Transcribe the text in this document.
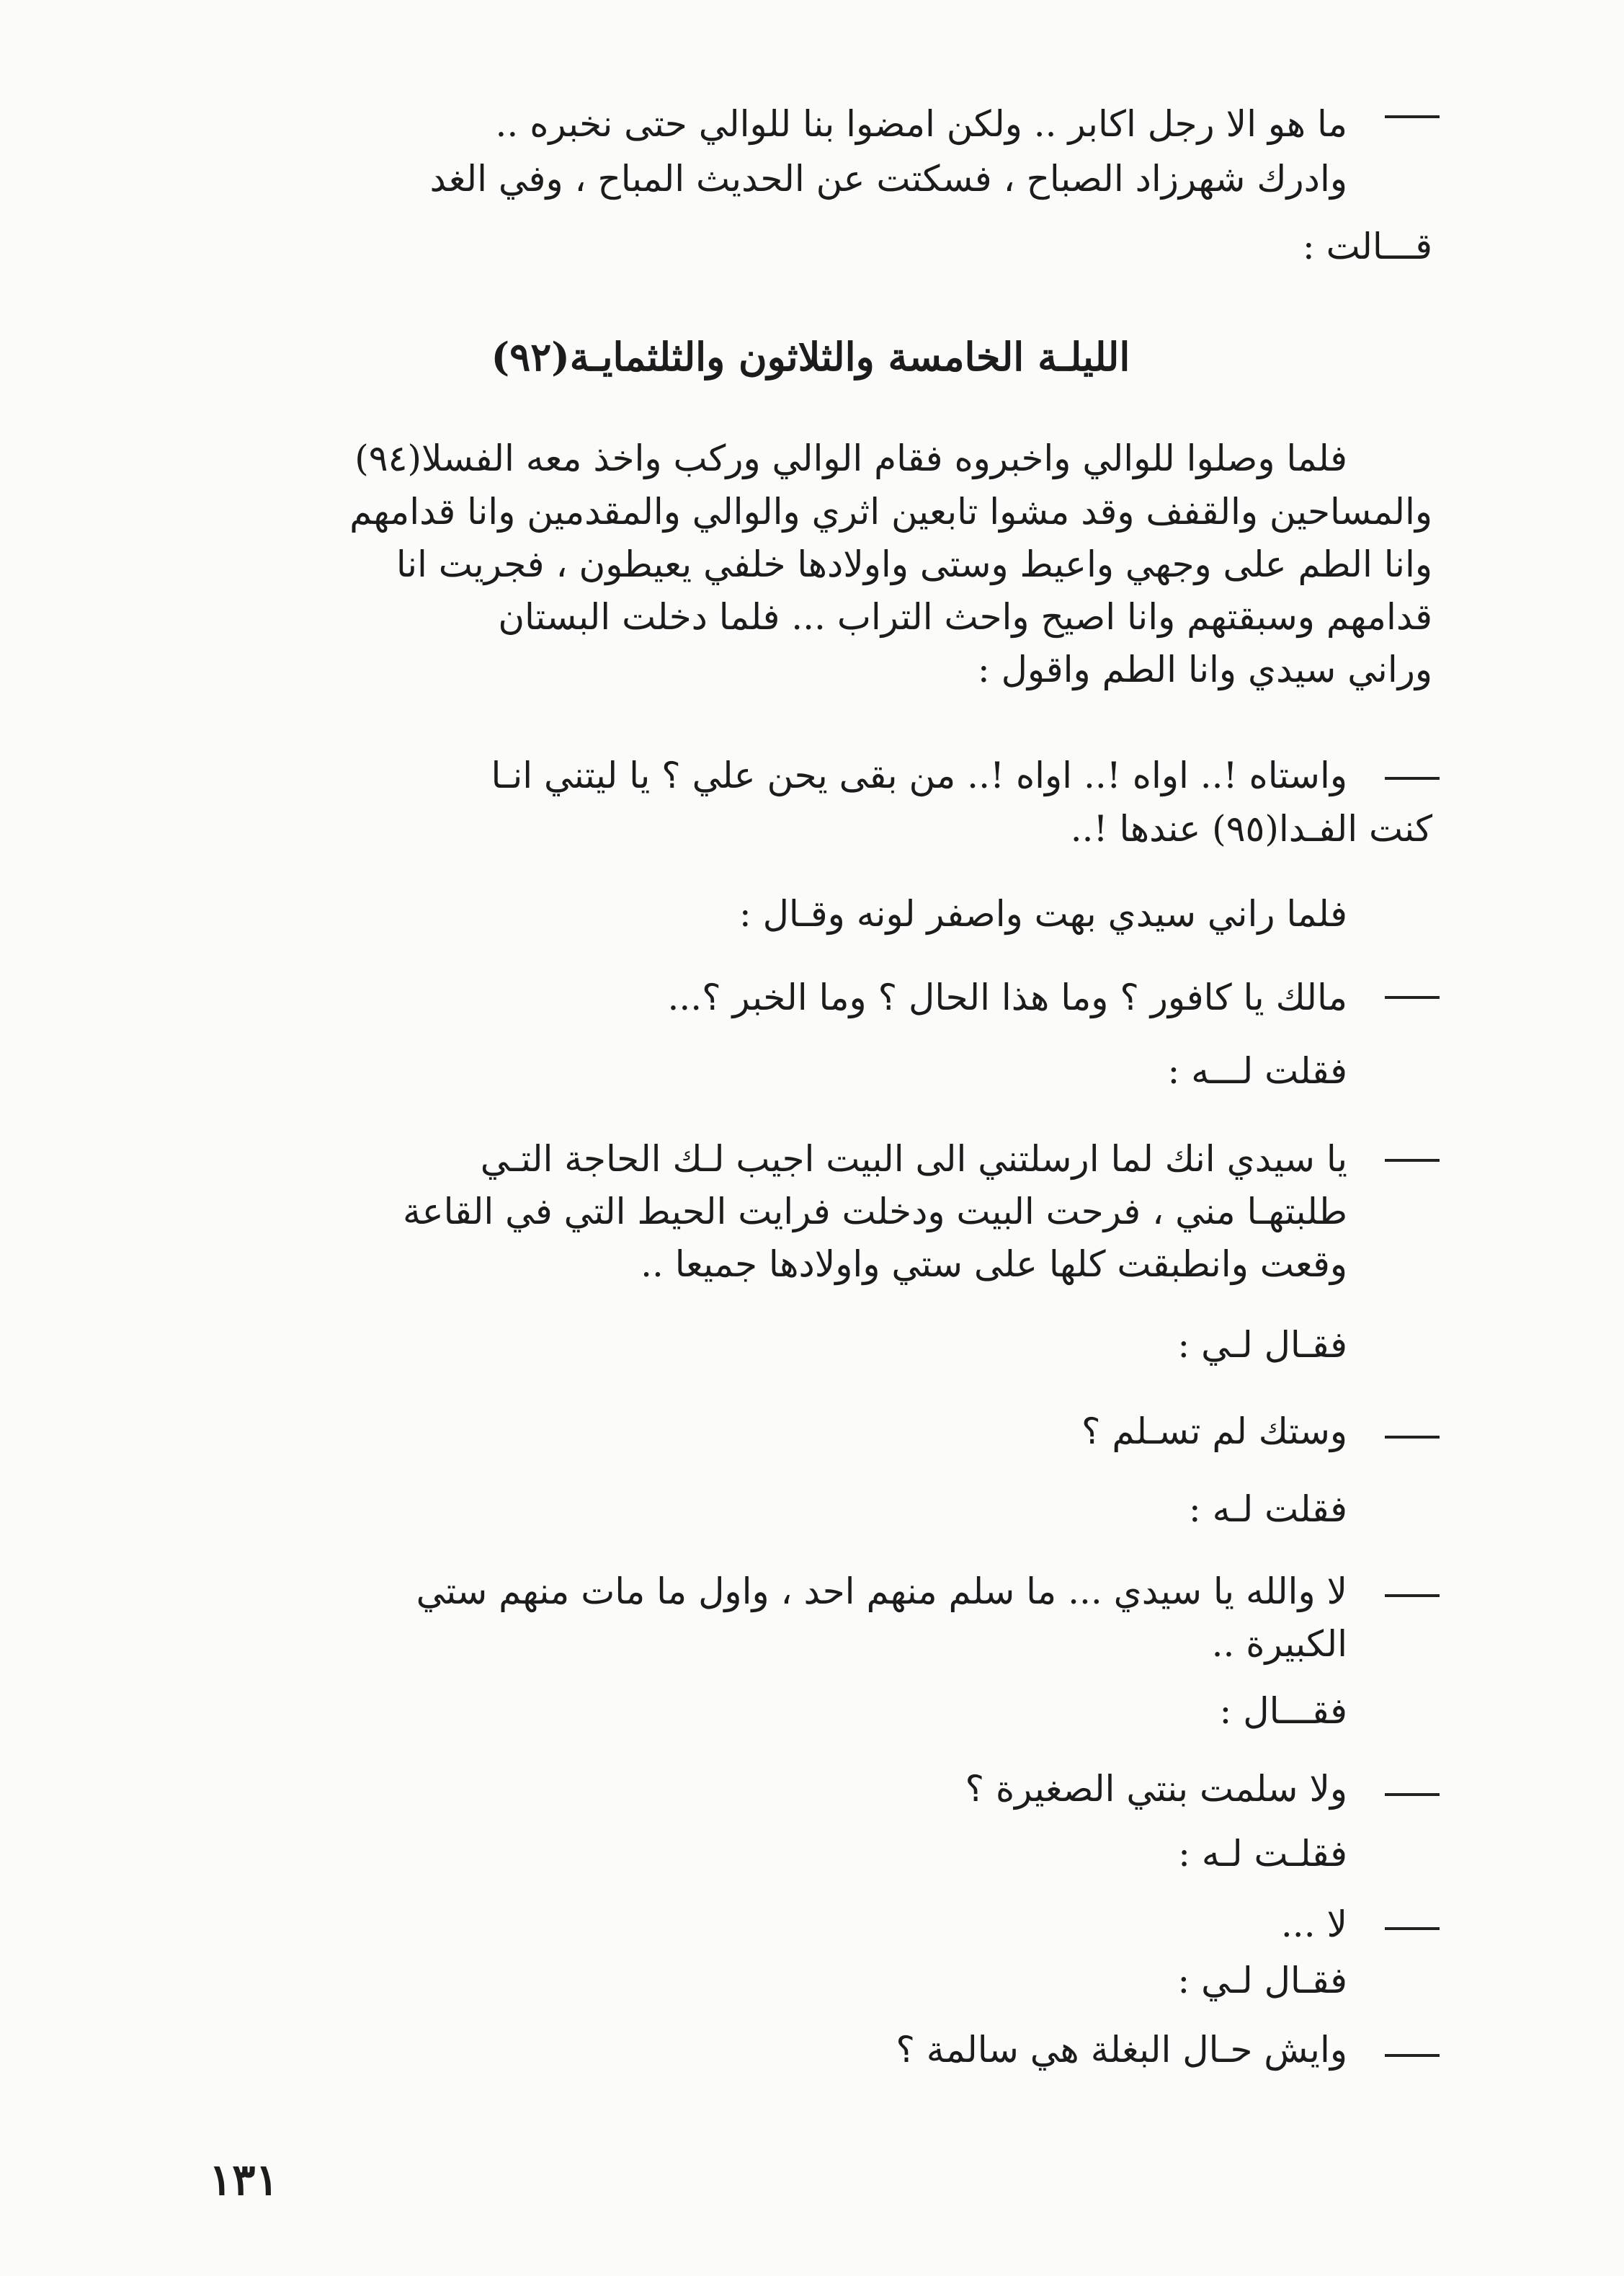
ما هو الا رجل اكابر .. ولكن امضوا بنا للوالي حتى نخبره ..
وادرك شهرزاد الصباح ، فسكتت عن الحديث المباح ، وفي الغد
قـــالت :
الليلـة الخامسة والثلاثون والثلثمايـة(٩٢)
فلما وصلوا للوالي واخبروه فقام الوالي وركب واخذ معه الفسلا(٩٤)
والمساحين والقفف وقد مشوا تابعين اثري والوالي والمقدمين وانا قدامهم
وانا الطم على وجهي واعيط وستى واولادها خلفي يعيطون ، فجريت انا
قدامهم وسبقتهم وانا اصيح واحث التراب ... فلما دخلت البستان
وراني سيدي وانا الطم واقول :
واستاه !.. اواه !.. اواه !.. من بقى يحن علي ؟ يا ليتني انـا
كنت الفـدا(٩٥) عندها !..
فلما راني سيدي بهت واصفر لونه وقـال :
مالك يا كافور ؟ وما هذا الحال ؟ وما الخبر ؟...
فقلت لـــه :
يا سيدي انك لما ارسلتني الى البيت اجيب لـك الحاجة التـي
طلبتهـا مني ، فرحت البيت ودخلت فرايت الحيط التي في القاعة
وقعت وانطبقت كلها على ستي واولادها جميعا ..
فقـال لـي :
وستك لم تسـلم ؟
فقلت لـه :
لا والله يا سيدي ... ما سلم منهم احد ، واول ما مات منهم ستي
الكبيرة ..
فقـــال :
ولا سلمت بنتي الصغيرة ؟
فقلـت لـه :
لا ...
فقـال لـي :
وايش حـال البغلة هي سالمة ؟
١٣١
